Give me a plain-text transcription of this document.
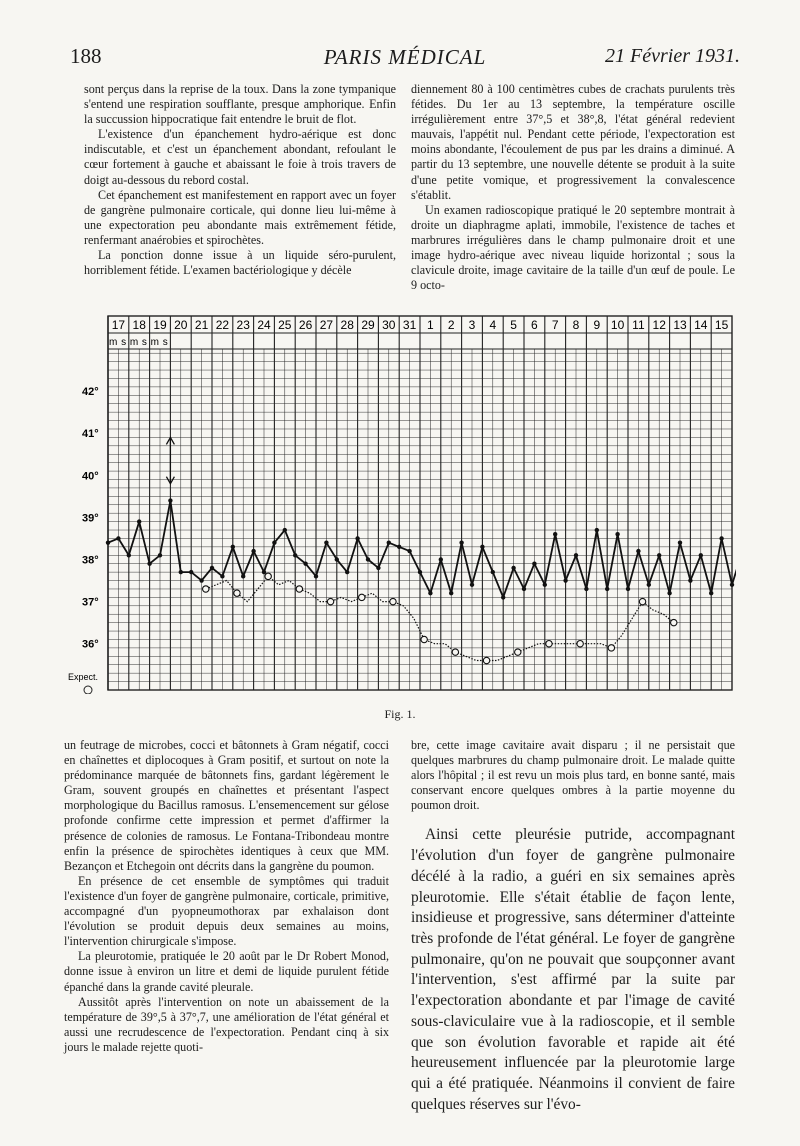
188	PARIS MÉDICAL	21 Février 1931.

sont perçus dans la reprise de la toux. Dans la zone tympanique s'entend une respiration soufflante, presque amphorique. Enfin la succussion hippocratique fait entendre le bruit de flot.

L'existence d'un épanchement hydro-aérique est donc indiscutable, et c'est un épanchement abondant, refoulant le cœur fortement à gauche et abaissant le foie à trois travers de doigt au-dessous du rebord costal.

Cet épanchement est manifestement en rapport avec un foyer de gangrène pulmonaire corticale, qui donne lieu lui-même à une expectoration peu abondante mais extrêmement fétide, renfermant anaérobies et spirochètes.

La ponction donne issue à un liquide séro-purulent, horriblement fétide. L'examen bactériologique y décèle

diennement 80 à 100 centimètres cubes de crachats purulents très fétides. Du 1er au 13 septembre, la température oscille irrégulièrement entre 37°,5 et 38°,8, l'état général redevient mauvais, l'appétit nul. Pendant cette période, l'expectoration est moins abondante, l'écoulement de pus par les drains a diminué. A partir du 13 septembre, une nouvelle détente se produit à la suite d'une petite vomique, et progressivement la convalescence s'établit.

Un examen radioscopique pratiqué le 20 septembre montrait à droite un diaphragme aplati, immobile, l'existence de taches et marbrures irrégulières dans le champ pulmonaire droit et une image hydro-aérique avec niveau liquide horizontal ; sous la clavicule droite, image cavitaire de la taille d'un œuf de poule. Le 9 octo-

17 18 19 20 21 22 23 24 25 26 27 28 29 30 31 1 2 3 4 5 6 7 8 9 10 11 12 13 14 15
m s m s m s
42°
41°
40°
39°
38°
37°
36°
Expect.
Fig. 1.

un feutrage de microbes, cocci et bâtonnets à Gram négatif, cocci en chaînettes et diplocoques à Gram positif, et surtout on note la prédominance marquée de bâtonnets fins, gardant légèrement le Gram, souvent groupés en chaînettes et présentant l'aspect morphologique du Bacillus ramosus. L'ensemencement sur gélose profonde confirme cette impression et permet d'affirmer la présence de colonies de ramosus. Le Fontana-Tribondeau montre enfin la présence de spirochètes identiques à ceux que MM. Bezançon et Etchegoin ont décrits dans la gangrène du poumon.

En présence de cet ensemble de symptômes qui traduit l'existence d'un foyer de gangrène pulmonaire, corticale, primitive, accompagné d'un pyopneumothorax par exhalaison dont l'évolution se produit depuis deux semaines au moins, l'intervention chirurgicale s'impose.

La pleurotomie, pratiquée le 20 août par le Dr Robert Monod, donne issue à environ un litre et demi de liquide purulent fétide épanché dans la grande cavité pleurale.

Aussitôt après l'intervention on note un abaissement de la température de 39°,5 à 37°,7, une amélioration de l'état général et aussi une recrudescence de l'expectoration. Pendant cinq à six jours le malade rejette quoti-

bre, cette image cavitaire avait disparu ; il ne persistait que quelques marbrures du champ pulmonaire droit. Le malade quitte alors l'hôpital ; il est revu un mois plus tard, en bonne santé, mais conservant encore quelques ombres à la partie moyenne du poumon droit.

Ainsi cette pleurésie putride, accompagnant l'évolution d'un foyer de gangrène pulmonaire décélé à la radio, a guéri en six semaines après pleurotomie. Elle s'était établie de façon lente, insidieuse et progressive, sans déterminer d'atteinte très profonde de l'état général. Le foyer de gangrène pulmonaire, qu'on ne pouvait que soupçonner avant l'intervention, s'est affirmé par la suite par l'expectoration abondante et par l'image de cavité sous-claviculaire vue à la radioscopie, et il semble que son évolution favorable et rapide ait été heureusement influencée par la pleurotomie large qui a été pratiquée. Néanmoins il convient de faire quelques réserves sur l'évo-
